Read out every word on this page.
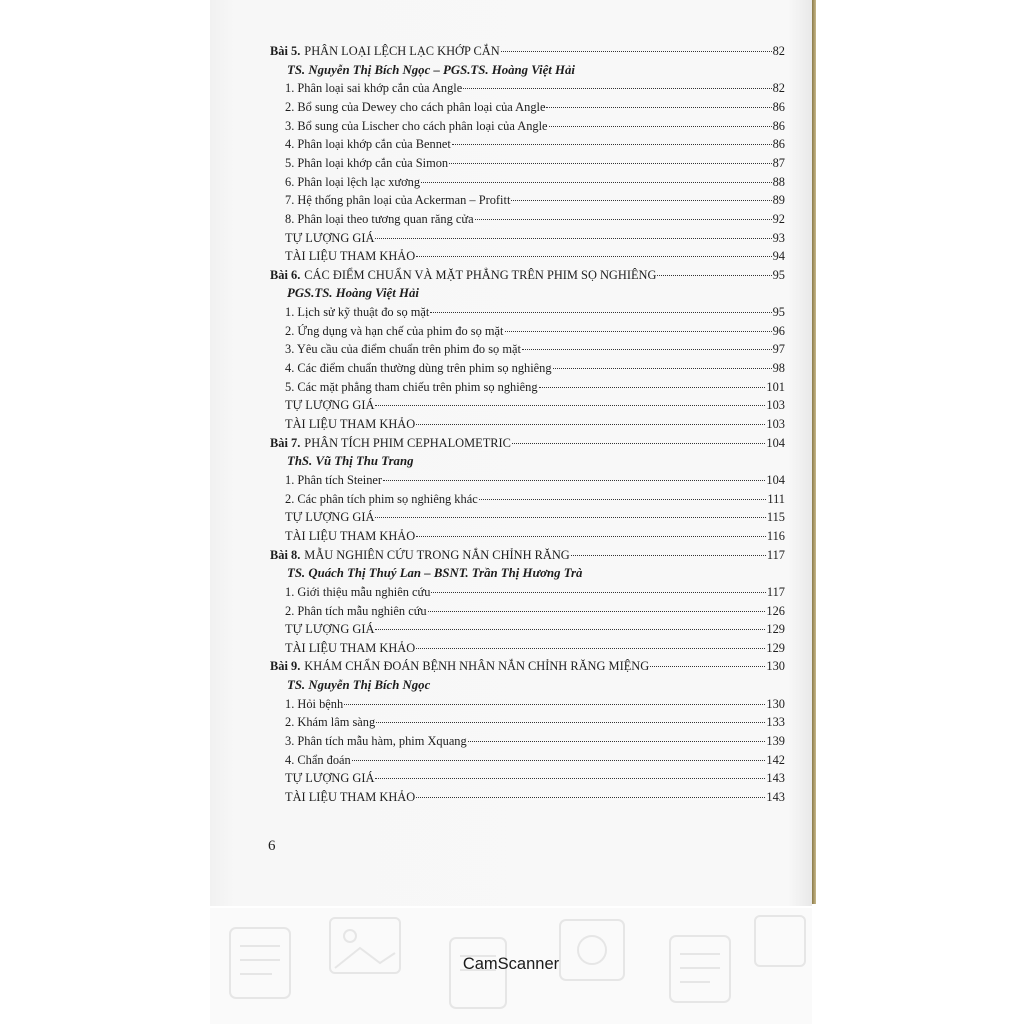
Bài 5. PHÂN LOẠI LỆCH LẠC KHỚP CẮN	82
TS. Nguyễn Thị Bích Ngọc – PGS.TS. Hoàng Việt Hải
1. Phân loại sai khớp cắn của Angle	82
2. Bổ sung của Dewey cho cách phân loại của Angle	86
3. Bổ sung của Lischer cho cách phân loại của Angle	86
4. Phân loại khớp cắn của Bennet	86
5. Phân loại khớp cắn của Simon	87
6. Phân loại lệch lạc xương	88
7. Hệ thống phân loại của Ackerman – Profitt	89
8. Phân loại theo tương quan răng cửa	92
TỰ LƯỢNG GIÁ	93
TÀI LIỆU THAM KHẢO	94
Bài 6. CÁC ĐIỂM CHUẨN VÀ MẶT PHẲNG TRÊN PHIM SỌ NGHIÊNG	95
PGS.TS. Hoàng Việt Hải
1. Lịch sử kỹ thuật đo sọ mặt	95
2. Ứng dụng và hạn chế của phim đo sọ mặt	96
3. Yêu cầu của điểm chuẩn trên phim đo sọ mặt	97
4. Các điểm chuẩn thường dùng trên phim sọ nghiêng	98
5. Các mặt phẳng tham chiếu trên phim sọ nghiêng	101
TỰ LƯỢNG GIÁ	103
TÀI LIỆU THAM KHẢO	103
Bài 7. PHÂN TÍCH PHIM CEPHALOMETRIC	104
ThS. Vũ Thị Thu Trang
1. Phân tích Steiner	104
2. Các phân tích phim sọ nghiêng khác	111
TỰ LƯỢNG GIÁ	115
TÀI LIỆU THAM KHẢO	116
Bài 8. MẪU NGHIÊN CỨU TRONG NẮN CHỈNH RĂNG	117
TS. Quách Thị Thuý Lan – BSNT. Trần Thị Hương Trà
1. Giới thiệu mẫu nghiên cứu	117
2. Phân tích mẫu nghiên cứu	126
TỰ LƯỢNG GIÁ	129
TÀI LIỆU THAM KHẢO	129
Bài 9. KHÁM CHẨN ĐOÁN BỆNH NHÂN NẮN CHỈNH RĂNG MIỆNG	130
TS. Nguyễn Thị Bích Ngọc
1. Hỏi bệnh	130
2. Khám lâm sàng	133
3. Phân tích mẫu hàm, phim Xquang	139
4. Chẩn đoán	142
TỰ LƯỢNG GIÁ	143
TÀI LIỆU THAM KHẢO	143
6
CamScanner
